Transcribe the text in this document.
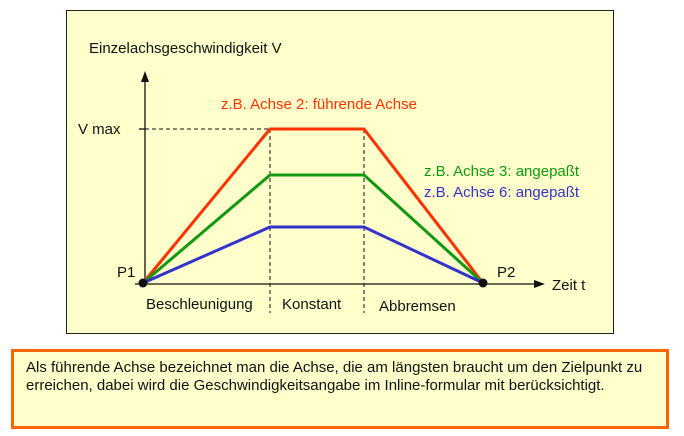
Einzelachsgeschwindigkeit V
V max
Zeit t
P1	P2
Beschleunigung Konstant	Abbremsen
z.B. Achse 2: führende Achse
z.B. Achse 3: angepaßt
z.B. Achse 6: angepaßt
Als führende Achse bezeichnet man die Achse, die am längsten braucht um den Zielpunkt zu erreichen, dabei wird die Geschwindigkeitsangabe im Inline-formular mit berücksichtigt.
